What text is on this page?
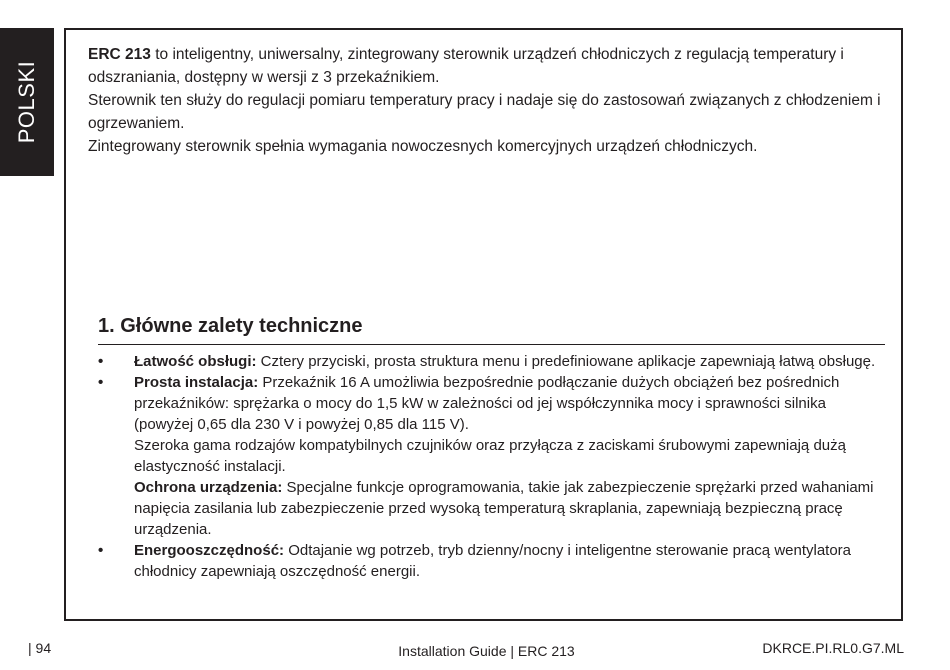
POLSKI

ERC 213 to inteligentny, uniwersalny, zintegrowany sterownik urządzeń chłodniczych z regulacją temperatury i odszraniania, dostępny w wersji z 3 przekaźnikiem.

Sterownik ten służy do regulacji pomiaru temperatury pracy i nadaje się do zastosowań związanych z chłodzeniem i ogrzewaniem.

Zintegrowany sterownik spełnia wymagania nowoczesnych komercyjnych urządzeń chłodniczych.

1. Główne zalety techniczne
• Łatwość obsługi: Cztery przyciski, prosta struktura menu i predefiniowane aplikacje zapewniają łatwą obsługę.
• Prosta instalacja: Przekaźnik 16 A umożliwia bezpośrednie podłączanie dużych obciążeń bez pośrednich przekaźników: sprężarka o mocy do 1,5 kW w zależności od jej współczynnika mocy i sprawności silnika (powyżej 0,65 dla 230 V i powyżej 0,85 dla 115 V).

Szeroka gama rodzajów kompatybilnych czujników oraz przyłącza z zaciskami śrubowymi zapewniają dużą elastyczność instalacji.

Ochrona urządzenia: Specjalne funkcje oprogramowania, takie jak zabezpieczenie sprężarki przed wahaniami napięcia zasilania lub zabezpieczenie przed wysoką temperaturą skraplania, zapewniają bezpieczną pracę urządzenia.

• Energooszczędność: Odtajanie wg potrzeb, tryb dzienny/nocny i inteligentne sterowanie pracą wentylatora chłodnicy zapewniają oszczędność energii.
| 94	Installation Guide | ERC 213	DKRCE.PI.RL0.G7.ML
